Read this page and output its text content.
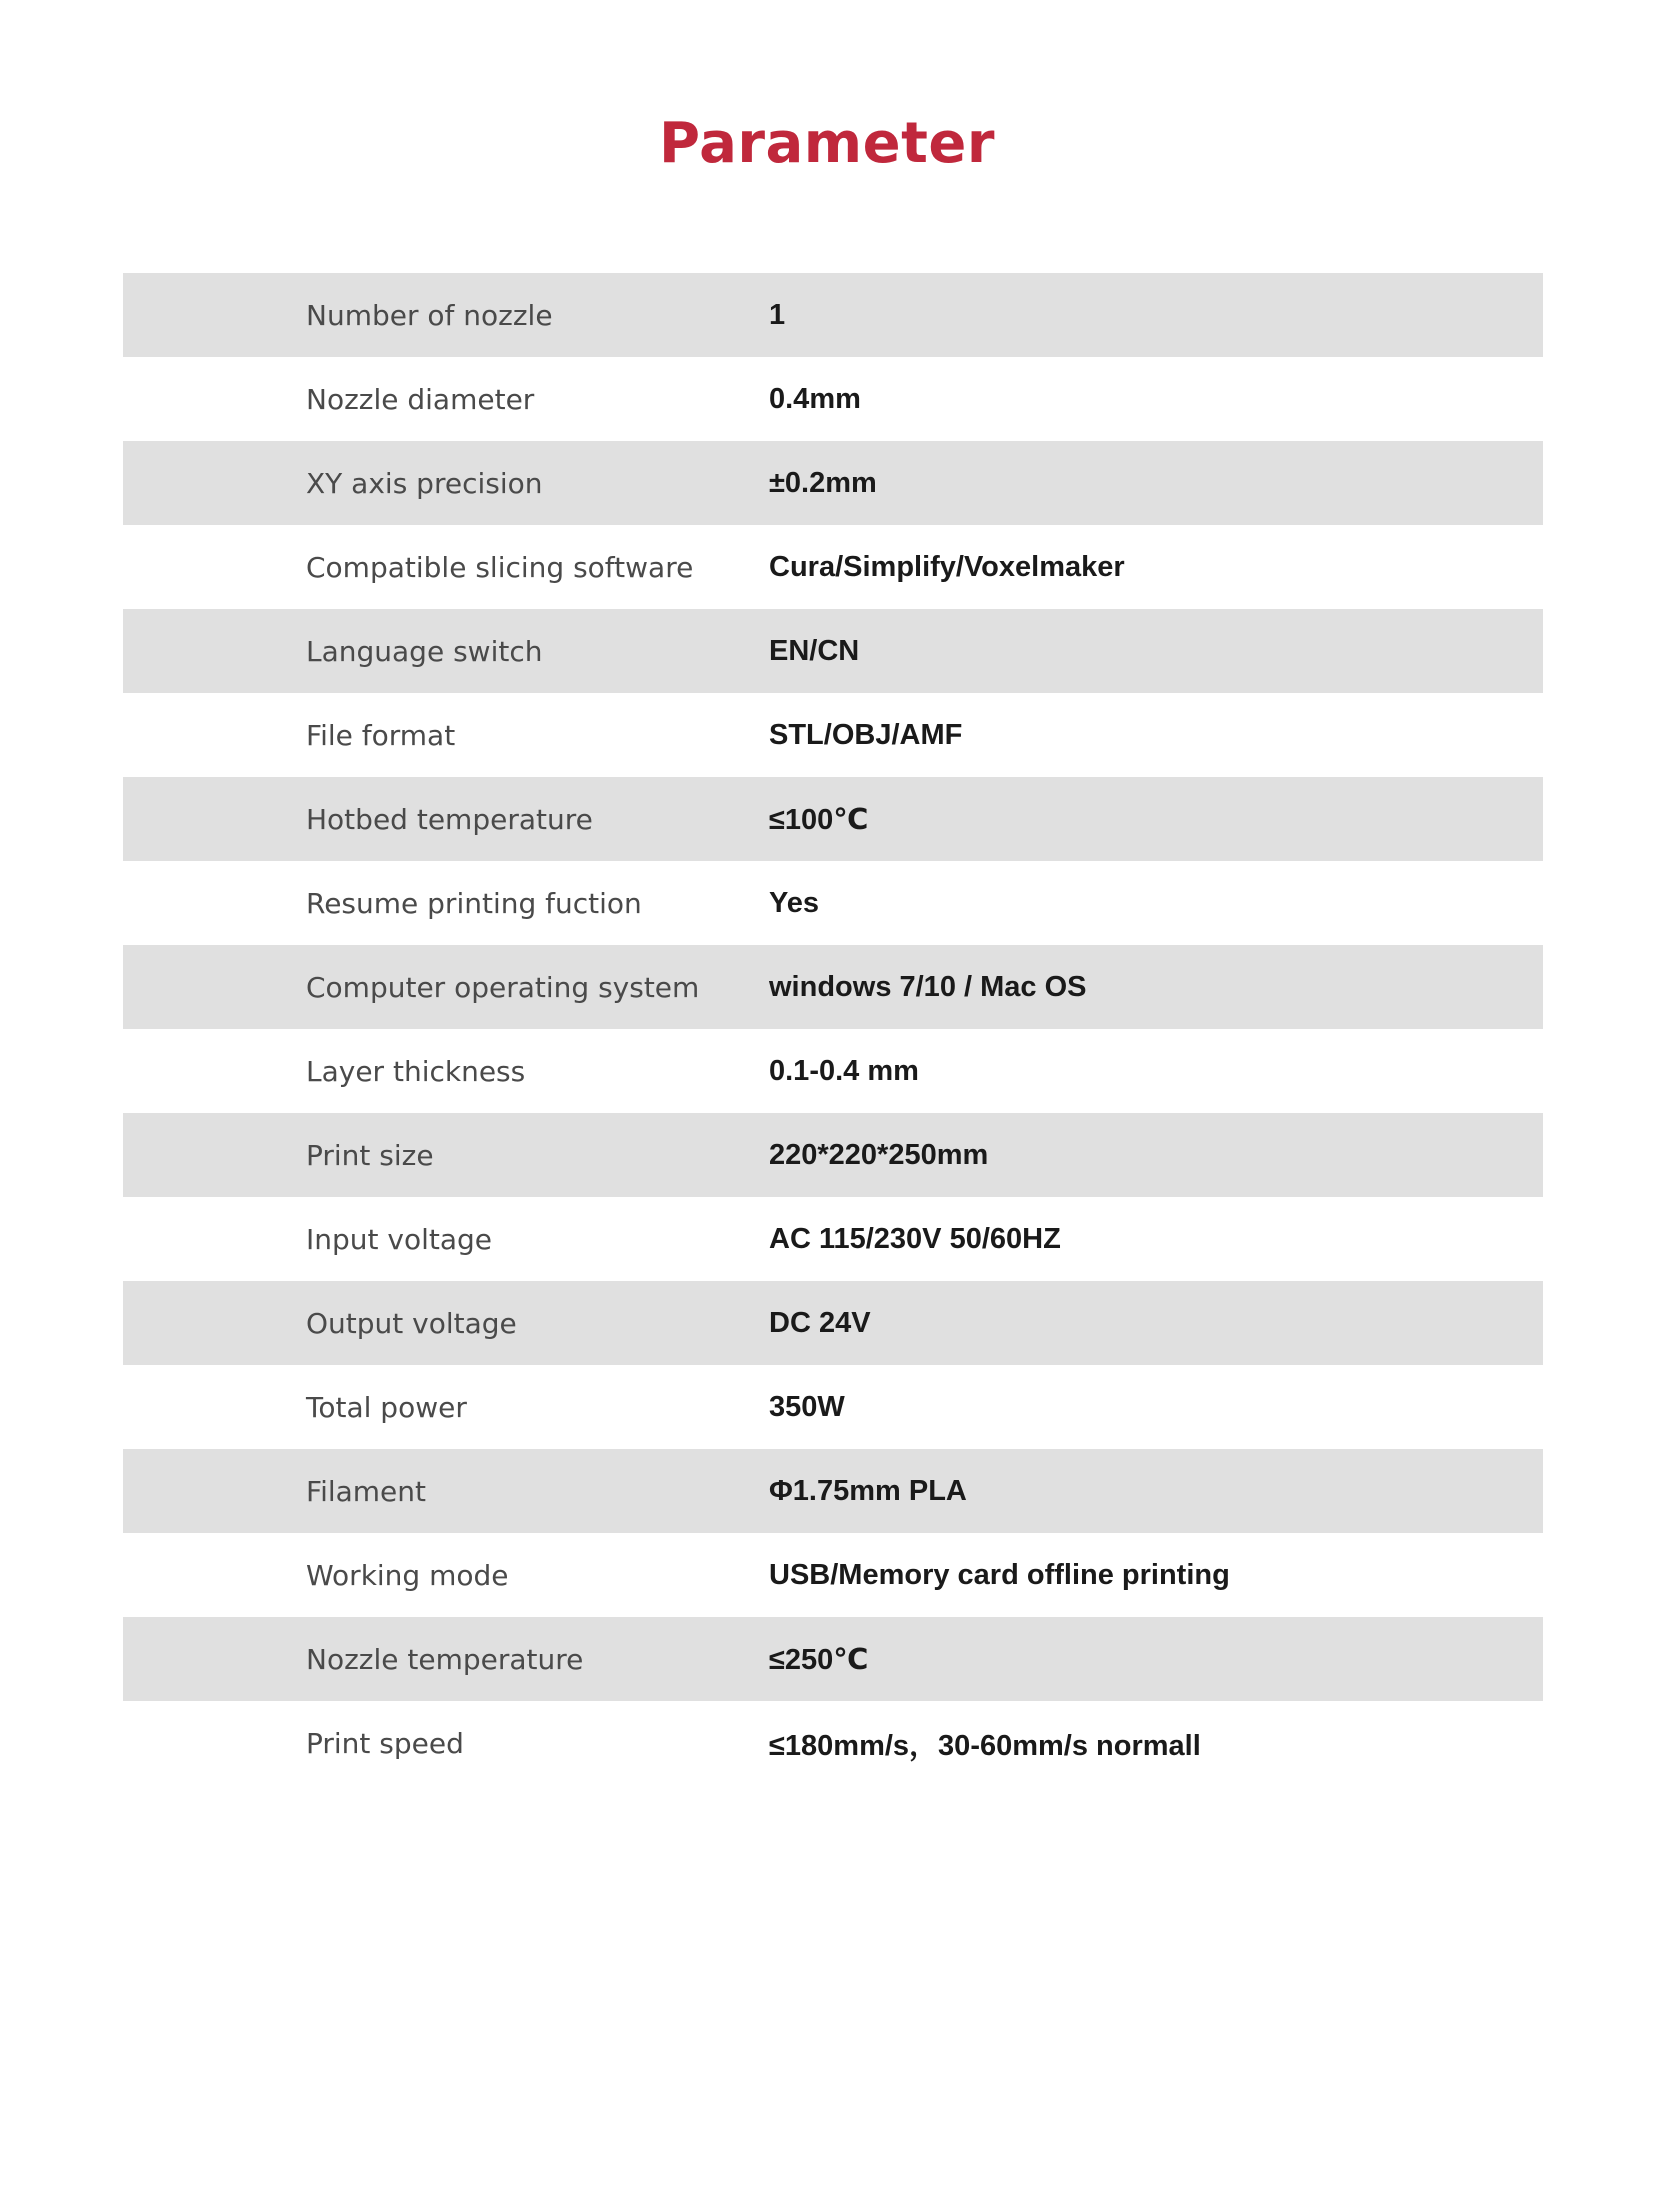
Parameter
Number of nozzle	1
Nozzle diameter	0.4mm
XY axis precision	±0.2mm
Compatible slicing software	Cura/Simplify/Voxelmaker
Language switch	EN/CN
File format	STL/OBJ/AMF
Hotbed temperature	≤100℃
Resume printing fuction	Yes
Computer operating system	windows 7/10 / Mac OS
Layer thickness	0.1-0.4 mm
Print size	220*220*250mm
Input voltage	AC 115/230V 50/60HZ
Output voltage	DC 24V
Total power	350W
Filament	Φ1.75mm PLA
Working mode	USB/Memory card offline printing
Nozzle temperature	≤250℃
Print speed	≤180mm/s，30-60mm/s normall
